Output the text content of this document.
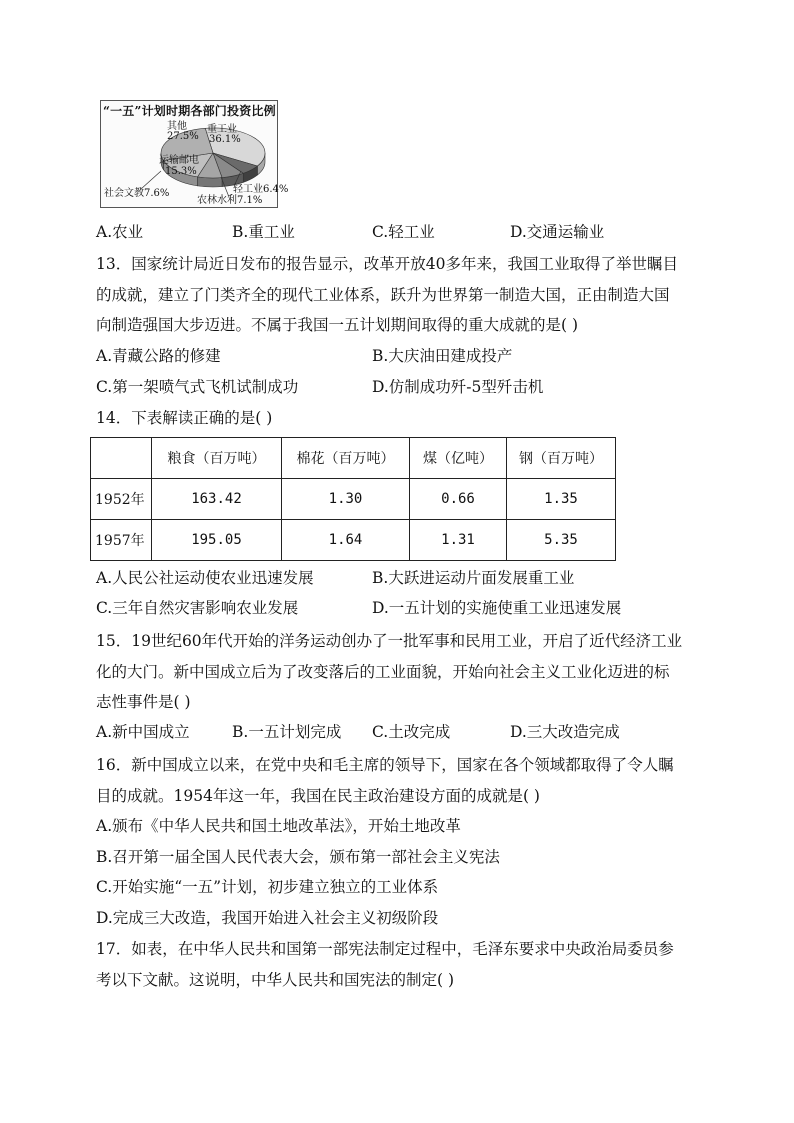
“一五”计划时期各部门投资比例
其他
27.5%
重工业
36.1%
运输邮电
15.3%
社会文教7.6%	轻工业6.4%
农林水利7.1%
A.农业	B.重工业	C.轻工业	D.交通运输业
13．国家统计局近日发布的报告显示，改革开放40多年来，我国工业取得了举世瞩目
的成就，建立了门类齐全的现代工业体系，跃升为世界第一制造大国，正由制造大国
向制造强国大步迈进。不属于我国一五计划期间取得的重大成就的是( )
A.青藏公路的修建	B.大庆油田建成投产
C.第一架喷气式飞机试制成功	D.仿制成功歼-5型歼击机
14．下表解读正确的是( )
	粮食（百万吨）	棉花（百万吨）	煤（亿吨）	钢（百万吨）
1952年	163.42	1.30	0.66	1.35
1957年	195.05	1.64	1.31	5.35
A.人民公社运动使农业迅速发展	B.大跃进运动片面发展重工业
C.三年自然灾害影响农业发展	D.一五计划的实施使重工业迅速发展
15．19世纪60年代开始的洋务运动创办了一批军事和民用工业，开启了近代经济工业
化的大门。新中国成立后为了改变落后的工业面貌，开始向社会主义工业化迈进的标
志性事件是( )
A.新中国成立	B.一五计划完成 C.土改完成	D.三大改造完成
16．新中国成立以来，在党中央和毛主席的领导下，国家在各个领域都取得了令人瞩
目的成就。1954年这一年，我国在民主政治建设方面的成就是( )
A.颁布《中华人民共和国土地改革法》，开始土地改革
B.召开第一届全国人民代表大会，颁布第一部社会主义宪法
C.开始实施“一五”计划，初步建立独立的工业体系
D.完成三大改造，我国开始进入社会主义初级阶段
17．如表，在中华人民共和国第一部宪法制定过程中，毛泽东要求中央政治局委员参
考以下文献。这说明，中华人民共和国宪法的制定( )
